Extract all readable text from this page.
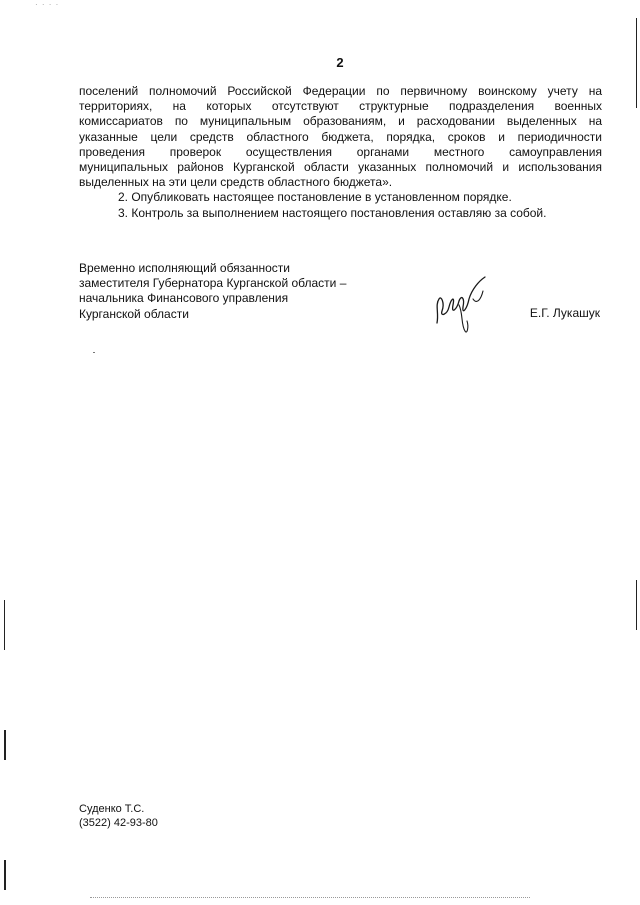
· · · ·
2

поселений полномочий Российской Федерации по первичному воинскому учету на
территориях, на которых отсутствуют структурные подразделения военных
комиссариатов по муниципальным образованиям, и расходовании выделенных на
указанные цели средств областного бюджета, порядка, сроков и периодичности
проведения проверок осуществления органами местного самоуправления
муниципальных районов Курганской области указанных полномочий и использования
выделенных на эти цели средств областного бюджета».

2. Опубликовать настоящее постановление в установленном порядке.

3. Контроль за выполнением настоящего постановления оставляю за собой.

Временно исполняющий обязанности
заместителя Губернатора Курганской области –
начальника Финансового управления
Курганской области	Е.Г. Лукашук
Суденко Т.С.
(3522) 42-93-80
